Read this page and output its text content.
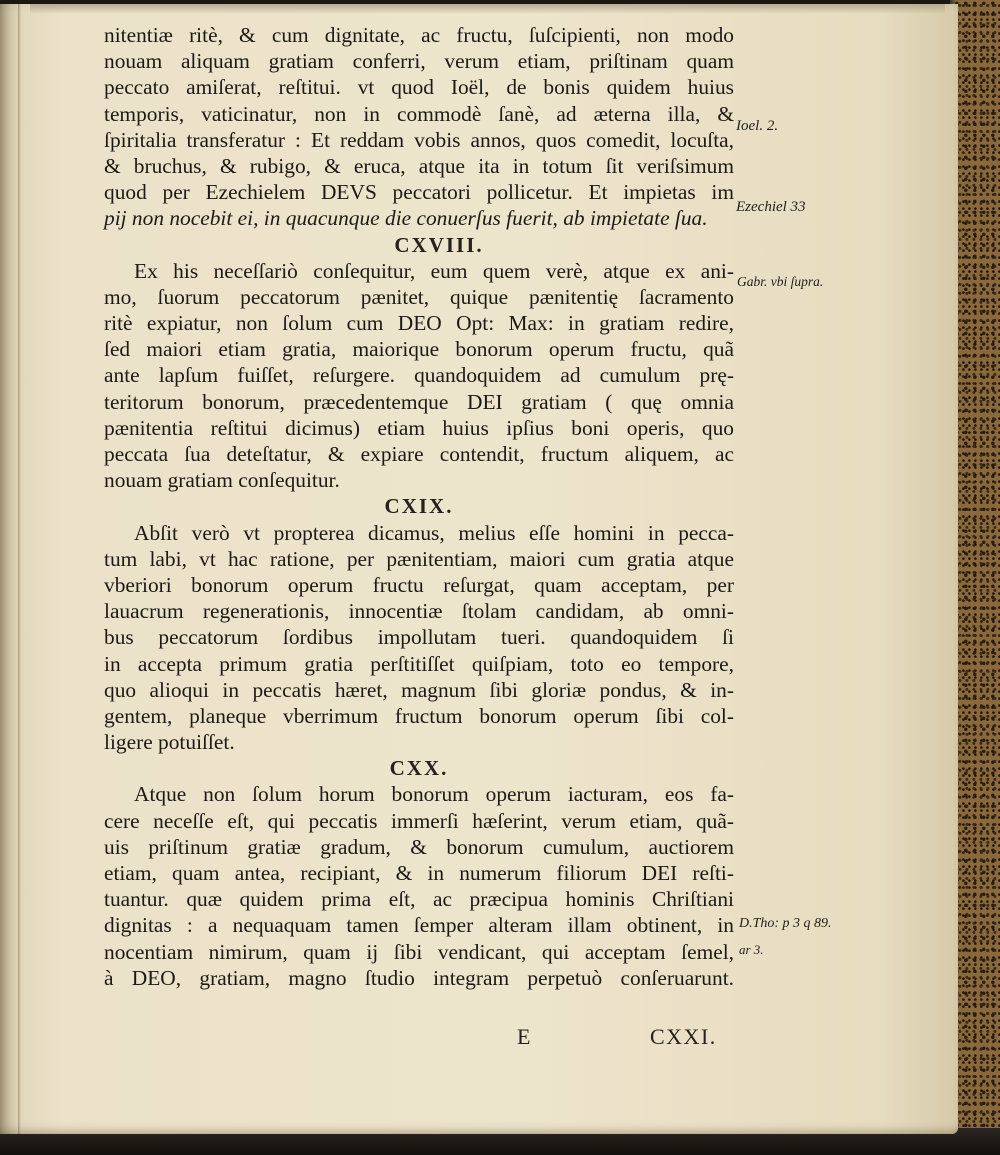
nitentiæ ritè, & cum dignitate, ac fructu, ſuſcipienti, non modo
nouam aliquam gratiam conferri, verum etiam, priſtinam quam
peccato amiſerat, reſtitui. vt quod Ioël, de bonis quidem huius
temporis, vaticinatur, non in commodè ſanè, ad æterna illa, &
ſpiritalia transferatur : Et reddam vobis annos, quos comedit, locuſta,
& bruchus, & rubigo, & eruca, atque ita in totum ſit veriſsimum
quod per Ezechielem DEVS peccatori pollicetur. Et impietas im
pij non nocebit ei, in quacunque die conuerſus fuerit, ab impietate ſua.
CXVIII.
Ex his neceſſariò conſequitur, eum quem verè, atque ex ani-
mo, ſuorum peccatorum pænitet, quique pænitentię ſacramento
ritè expiatur, non ſolum cum DEO Opt: Max: in gratiam redire,
ſed maiori etiam gratia, maiorique bonorum operum fructu, quã
ante lapſum fuiſſet, reſurgere. quandoquidem ad cumulum prę-
teritorum bonorum, præcedentemque DEI gratiam ( quę omnia
pænitentia reſtitui dicimus) etiam huius ipſius boni operis, quo
peccata ſua deteſtatur, & expiare contendit, fructum aliquem, ac
nouam gratiam conſequitur.
CXIX.
Abſit verò vt propterea dicamus, melius eſſe homini in pecca-
tum labi, vt hac ratione, per pænitentiam, maiori cum gratia atque
vberiori bonorum operum fructu reſurgat, quam acceptam, per
lauacrum regenerationis, innocentiæ ſtolam candidam, ab omni-
bus peccatorum ſordibus impollutam tueri. quandoquidem ſi
in accepta primum gratia perſtitiſſet quiſpiam, toto eo tempore,
quo alioqui in peccatis hæret, magnum ſibi gloriæ pondus, & in-
gentem, planeque vberrimum fructum bonorum operum ſibi col-
ligere potuiſſet.
CXX.
Atque non ſolum horum bonorum operum iacturam, eos fa-
cere neceſſe eſt, qui peccatis immerſi hæſerint, verum etiam, quã-
uis priſtinum gratiæ gradum, & bonorum cumulum, auctiorem
etiam, quam antea, recipiant, & in numerum filiorum DEI reſti-
tuantur. quæ quidem prima eſt, ac præcipua hominis Chriſtiani
dignitas : a nequaquam tamen ſemper alteram illam obtinent, in
nocentiam nimirum, quam ij ſibi vendicant, qui acceptam ſemel,
à DEO, gratiam, magno ſtudio integram perpetuò conſeruarunt.
Ioel. 2.
Ezechiel 33
Gabr. vbi ſupra.
D.Tho: p 3 q 89.
ar 3.
E	CXXI.
